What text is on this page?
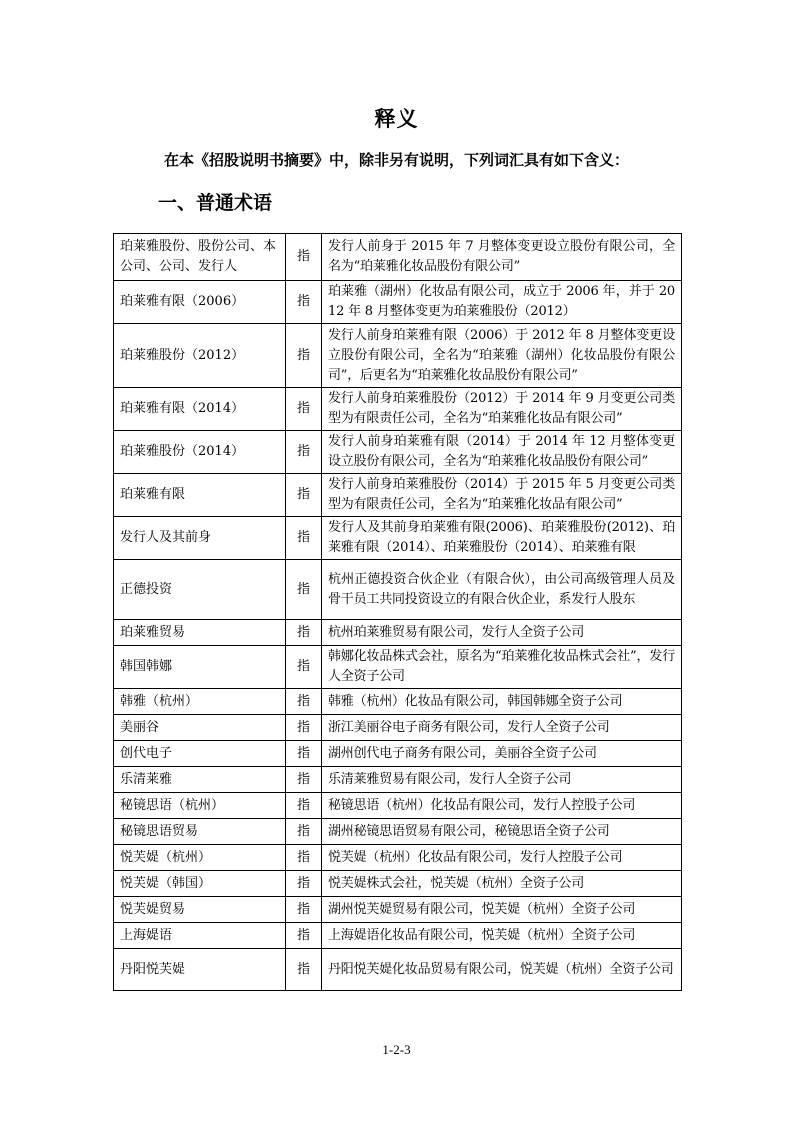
释义
在本《招股说明书摘要》中，除非另有说明，下列词汇具有如下含义：
一、普通术语
珀莱雅股份、股份公司、本公司、公司、发行人	指	发行人前身于 2015 年 7 月整体变更设立股份有限公司，全名为“珀莱雅化妆品股份有限公司”
珀莱雅有限（2006）	指	珀莱雅（湖州）化妆品有限公司，成立于 2006 年，并于 2012 年 8 月整体变更为珀莱雅股份（2012）
珀莱雅股份（2012）	指	发行人前身珀莱雅有限（2006）于 2012 年 8 月整体变更设立股份有限公司，全名为“珀莱雅（湖州）化妆品股份有限公司”，后更名为“珀莱雅化妆品股份有限公司”
珀莱雅有限（2014）	指	发行人前身珀莱雅股份（2012）于 2014 年 9 月变更公司类型为有限责任公司，全名为“珀莱雅化妆品有限公司”
珀莱雅股份（2014）	指	发行人前身珀莱雅有限（2014）于 2014 年 12 月整体变更设立股份有限公司，全名为“珀莱雅化妆品股份有限公司”
珀莱雅有限	指	发行人前身珀莱雅股份（2014）于 2015 年 5 月变更公司类型为有限责任公司，全名为“珀莱雅化妆品有限公司”
发行人及其前身	指	发行人及其前身珀莱雅有限(2006)、珀莱雅股份(2012)、珀莱雅有限（2014）、珀莱雅股份（2014）、珀莱雅有限
正德投资	指	杭州正德投资合伙企业（有限合伙），由公司高级管理人员及骨干员工共同投资设立的有限合伙企业，系发行人股东
珀莱雅贸易	指	杭州珀莱雅贸易有限公司，发行人全资子公司
韩国韩娜	指	韩娜化妆品株式会社，原名为“珀莱雅化妆品株式会社”，发行人全资子公司
韩雅（杭州）	指	韩雅（杭州）化妆品有限公司，韩国韩娜全资子公司
美丽谷	指	浙江美丽谷电子商务有限公司，发行人全资子公司
创代电子	指	湖州创代电子商务有限公司，美丽谷全资子公司
乐清莱雅	指	乐清莱雅贸易有限公司，发行人全资子公司
秘镜思语（杭州）	指	秘镜思语（杭州）化妆品有限公司，发行人控股子公司
秘镜思语贸易	指	湖州秘镜思语贸易有限公司，秘镜思语全资子公司
悦芙媞（杭州）	指	悦芙媞（杭州）化妆品有限公司，发行人控股子公司
悦芙媞（韩国）	指	悦芙媞株式会社，悦芙媞（杭州）全资子公司
悦芙媞贸易	指	湖州悦芙媞贸易有限公司，悦芙媞（杭州）全资子公司
上海媞语	指	上海媞语化妆品有限公司，悦芙媞（杭州）全资子公司
丹阳悦芙媞	指	丹阳悦芙媞化妆品贸易有限公司，悦芙媞（杭州）全资子公司
1-2-3
